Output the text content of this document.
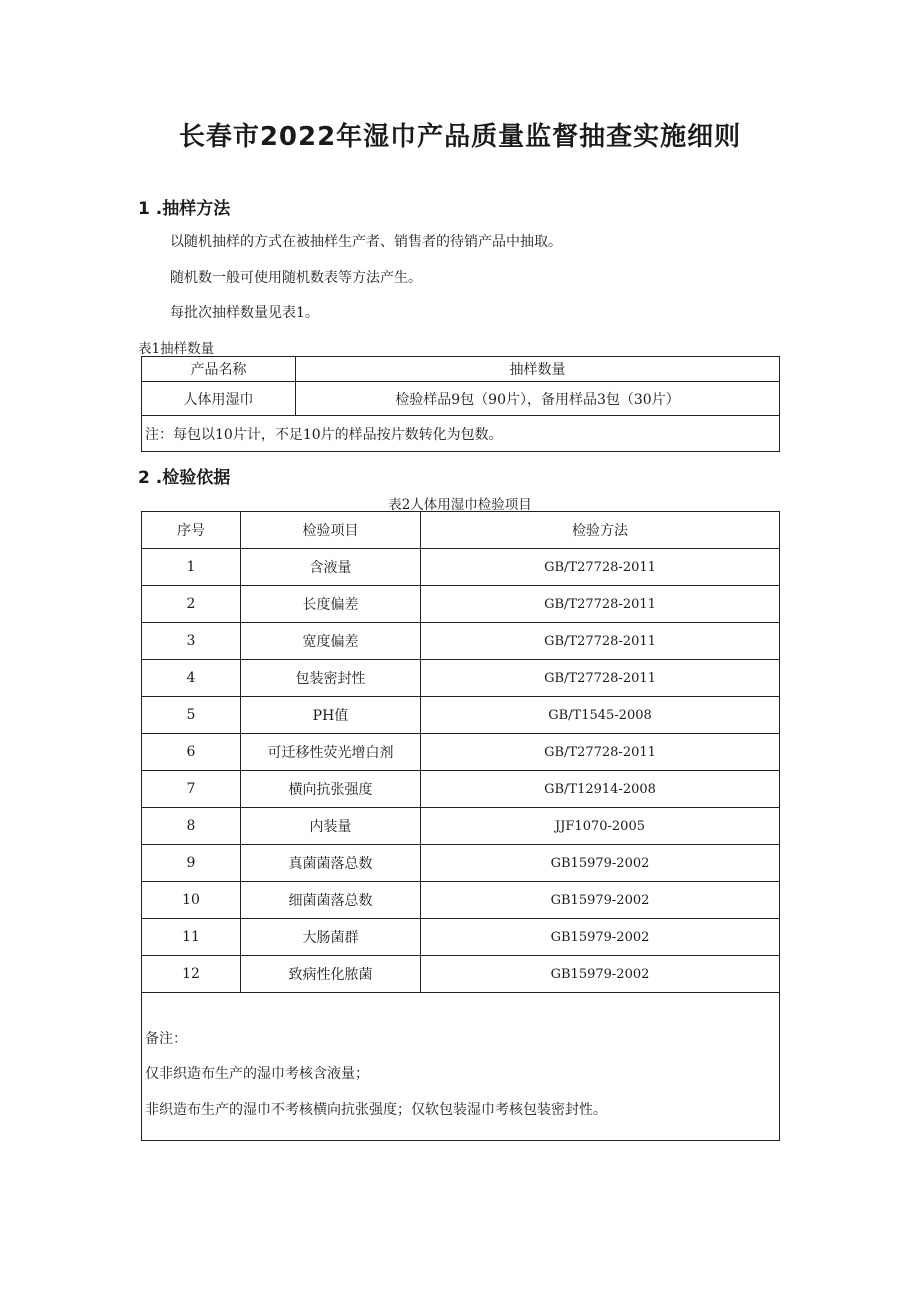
长春市2022年湿巾产品质量监督抽查实施细则
1 .抽样方法
以随机抽样的方式在被抽样生产者、销售者的待销产品中抽取。
随机数一般可使用随机数表等方法产生。
每批次抽样数量见表1。
表1抽样数量
产品名称	抽样数量
人体用湿巾	检验样品9包（90片），备用样品3包（30片）
注：每包以10片计，不足10片的样品按片数转化为包数。	
2 .检验依据
表2人体用湿巾检验项目
序号	检验项目	检验方法
1	含液量	GB/T27728-2011
2	长度偏差	GB/T27728-2011
3	宽度偏差	GB/T27728-2011
4	包装密封性	GB/T27728-2011
5	PH值	GB/T1545-2008
6	可迁移性荧光增白剂	GB/T27728-2011
7	横向抗张强度	GB/T12914-2008
8	内装量	JJF1070-2005
9	真菌菌落总数	GB15979-2002
10	细菌菌落总数	GB15979-2002
11	大肠菌群	GB15979-2002
12	致病性化脓菌	GB15979-2002

备注：
仅非织造布生产的湿巾考核含液量；
非织造布生产的湿巾不考核横向抗张强度；仅软包装湿巾考核包装密封性。		
